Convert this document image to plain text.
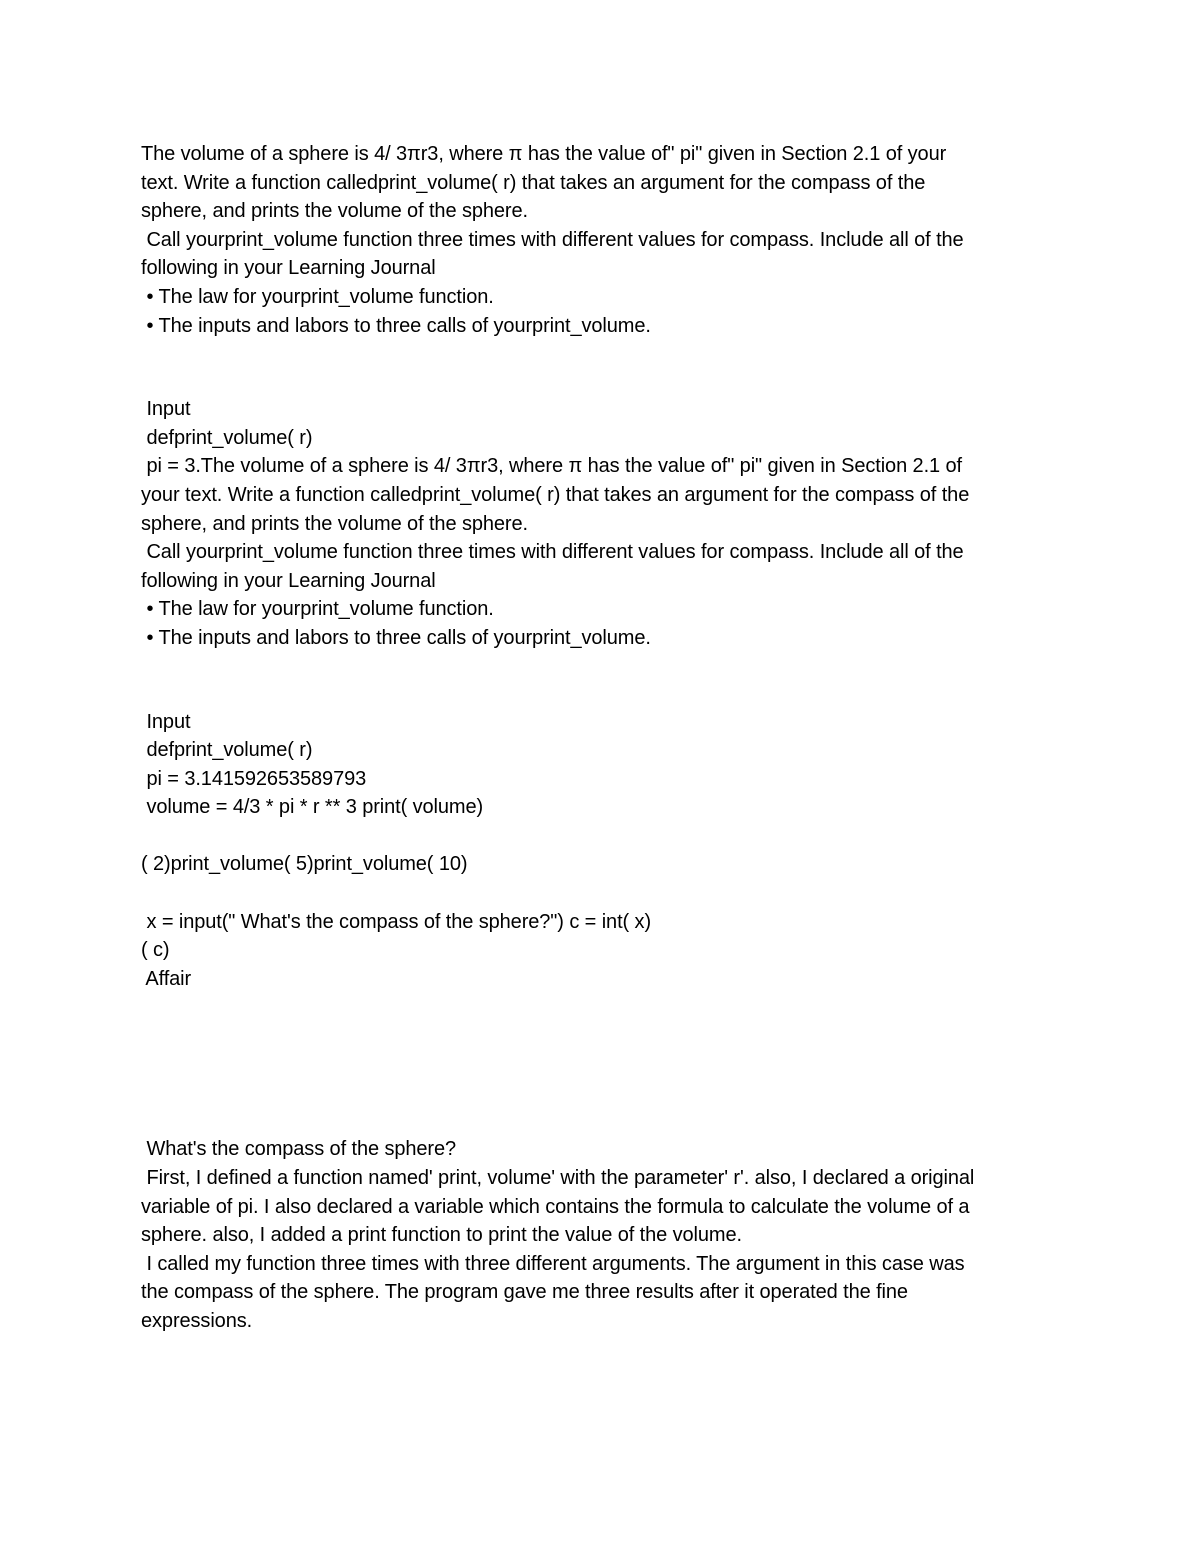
The volume of a sphere is 4/ 3πr3, where π has the value of" pi" given in Section 2.1 of your

text. Write a function calledprint_volume( r) that takes an argument for the compass of the

sphere, and prints the volume of the sphere.

Call yourprint_volume function three times with different values for compass. Include all of the

following in your Learning Journal

• The law for yourprint_volume function.

• The inputs and labors to three calls of yourprint_volume.

Input

defprint_volume( r)

pi = 3.The volume of a sphere is 4/ 3πr3, where π has the value of" pi" given in Section 2.1 of

your text. Write a function calledprint_volume( r) that takes an argument for the compass of the

sphere, and prints the volume of the sphere.

Call yourprint_volume function three times with different values for compass. Include all of the

following in your Learning Journal

• The law for yourprint_volume function.

• The inputs and labors to three calls of yourprint_volume.

Input

defprint_volume( r)

pi = 3.141592653589793

volume = 4/3 * pi * r ** 3 print( volume)

( 2)print_volume( 5)print_volume( 10)

x = input(" What's the compass of the sphere?") c = int( x)

( c)

Affair

What's the compass of the sphere?

First, I defined a function named' print, volume' with the parameter' r'. also, I declared a original

variable of pi. I also declared a variable which contains the formula to calculate the volume of a

sphere. also, I added a print function to print the value of the volume.

I called my function three times with three different arguments. The argument in this case was

the compass of the sphere. The program gave me three results after it operated the fine

expressions.
